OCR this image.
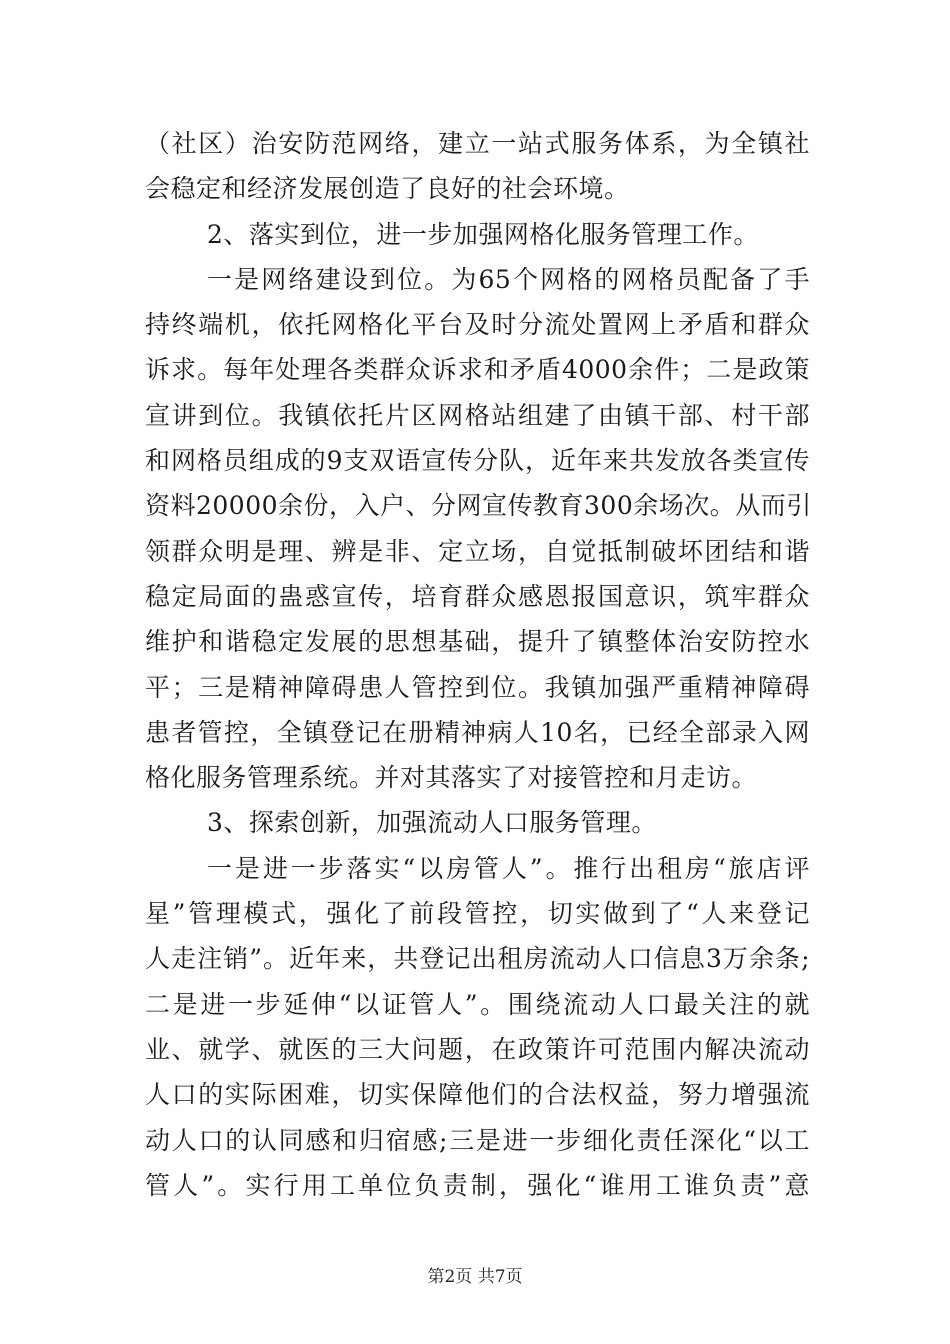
（社区）治安防范网络，建立一站式服务体系，为全镇社
会稳定和经济发展创造了良好的社会环境。
2、落实到位，进一步加强网格化服务管理工作。
一是网络建设到位。为65个网格的网格员配备了手
持终端机，依托网格化平台及时分流处置网上矛盾和群众
诉求。每年处理各类群众诉求和矛盾4000余件；二是政策
宣讲到位。我镇依托片区网格站组建了由镇干部、村干部
和网格员组成的9支双语宣传分队，近年来共发放各类宣传
资料20000余份，入户、分网宣传教育300余场次。从而引
领群众明是理、辨是非、定立场，自觉抵制破坏团结和谐
稳定局面的蛊惑宣传，培育群众感恩报国意识，筑牢群众
维护和谐稳定发展的思想基础，提升了镇整体治安防控水
平；三是精神障碍患人管控到位。我镇加强严重精神障碍
患者管控，全镇登记在册精神病人10名，已经全部录入网
格化服务管理系统。并对其落实了对接管控和月走访。
3、探索创新，加强流动人口服务管理。
一是进一步落实“以房管人”。推行出租房“旅店评
星”管理模式，强化了前段管控，切实做到了“人来登记
人走注销”。近年来，共登记出租房流动人口信息3万余条;
二是进一步延伸“以证管人”。围绕流动人口最关注的就
业、就学、就医的三大问题，在政策许可范围内解决流动
人口的实际困难，切实保障他们的合法权益，努力增强流
动人口的认同感和归宿感;三是进一步细化责任深化“以工
管人”。实行用工单位负责制，强化“谁用工谁负责”意
第2页 共7页
